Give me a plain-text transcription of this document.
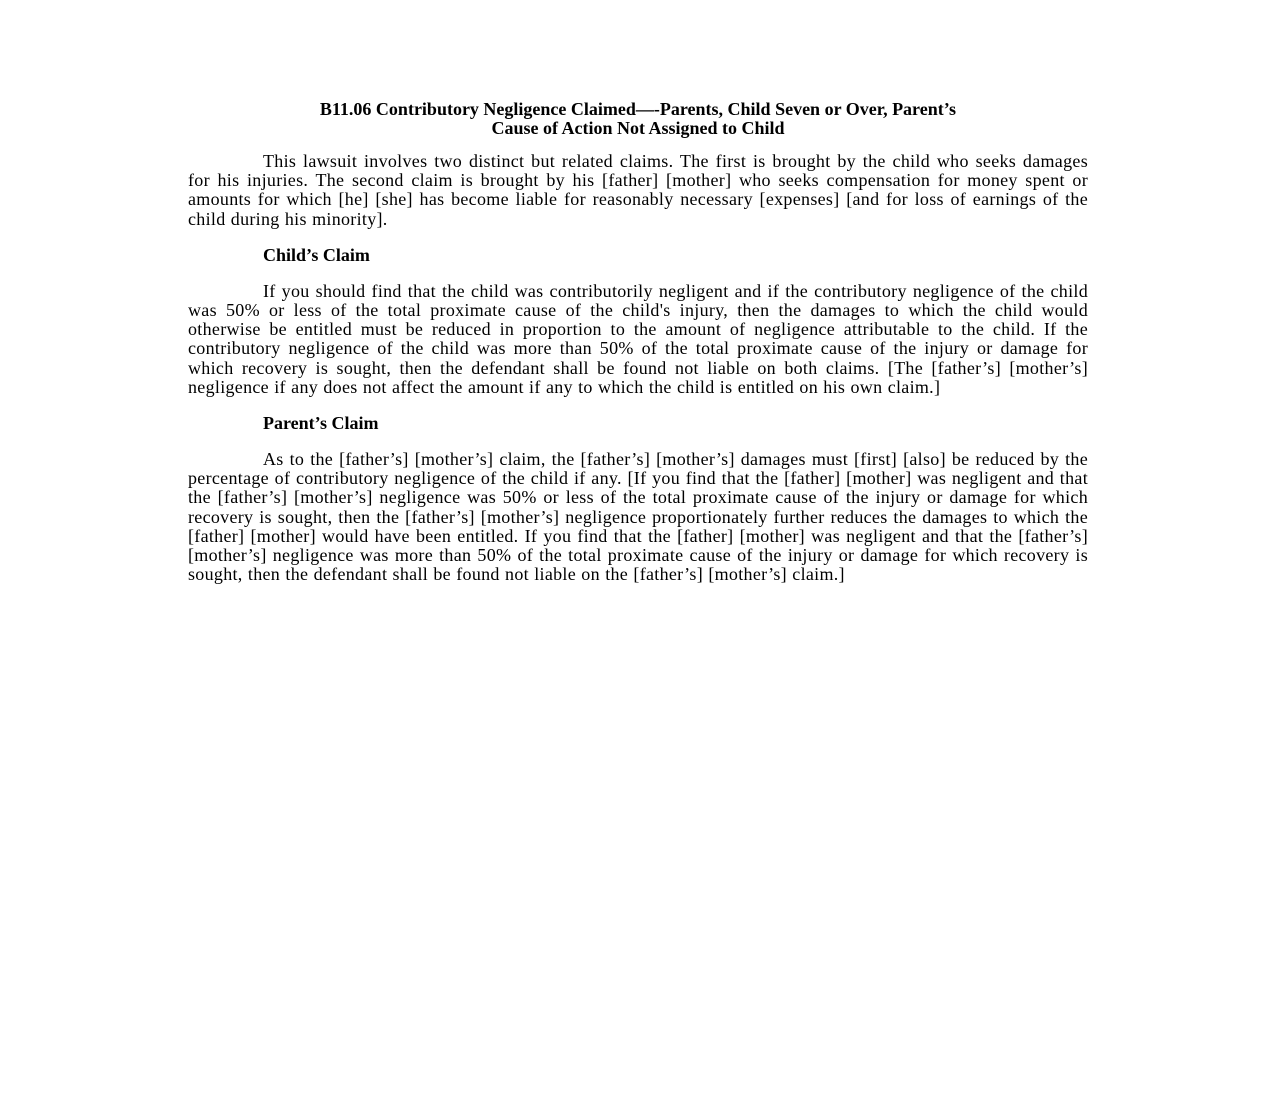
B11.06 Contributory Negligence Claimed—-Parents, Child Seven or Over, Parent’s
Cause of Action Not Assigned to Child

This lawsuit involves two distinct but related claims. The first is brought by the child who seeks damages for his injuries. The second claim is brought by his [father] [mother] who seeks compensation for money spent or amounts for which [he] [she] has become liable for reasonably necessary [expenses] [and for loss of earnings of the child during his minority].

Child’s Claim

If you should find that the child was contributorily negligent and if the contributory negligence of the child was 50% or less of the total proximate cause of the child's injury, then the damages to which the child would otherwise be entitled must be reduced in proportion to the amount of negligence attributable to the child. If the contributory negligence of the child was more than 50% of the total proximate cause of the injury or damage for which recovery is sought, then the defendant shall be found not liable on both claims. [The [father’s] [mother’s] negligence if any does not affect the amount if any to which the child is entitled on his own claim.]

Parent’s Claim

As to the [father’s] [mother’s] claim, the [father’s] [mother’s] damages must [first] [also] be reduced by the percentage of contributory negligence of the child if any. [If you find that the [father] [mother] was negligent and that the [father’s] [mother’s] negligence was 50% or less of the total proximate cause of the injury or damage for which recovery is sought, then the [father’s] [mother’s] negligence proportionately further reduces the damages to which the [father] [mother] would have been entitled. If you find that the [father] [mother] was negligent and that the [father’s] [mother’s] negligence was more than 50% of the total proximate cause of the injury or damage for which recovery is sought, then the defendant shall be found not liable on the [father’s] [mother’s] claim.]
